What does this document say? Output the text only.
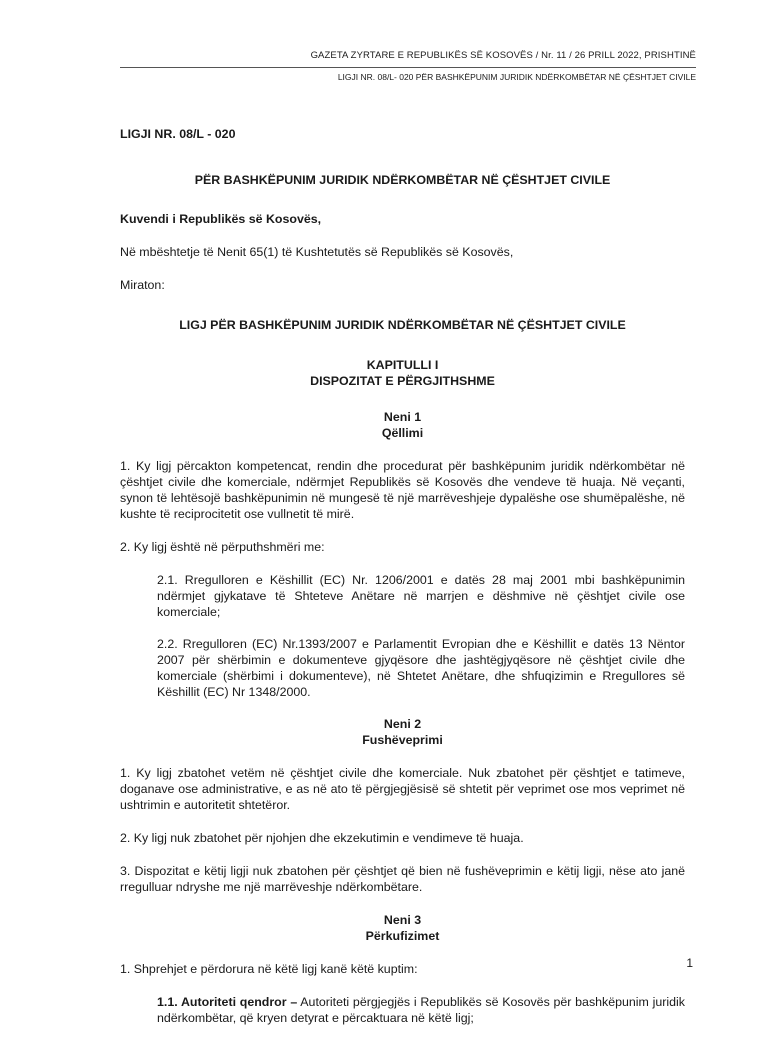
GAZETA ZYRTARE E REPUBLIKËS SË KOSOVËS / Nr. 11 / 26 PRILL 2022, PRISHTINË
LIGJI NR. 08/L- 020 PËR BASHKËPUNIM JURIDIK NDËRKOMBËTAR NË ÇËSHTJET CIVILE
LIGJI NR. 08/L - 020
PËR BASHKËPUNIM JURIDIK NDËRKOMBËTAR NË ÇËSHTJET CIVILE
Kuvendi i Republikës së Kosovës,
Në mbështetje të Nenit 65(1) të Kushtetutës së Republikës së Kosovës,
Miraton:
LIGJ PËR BASHKËPUNIM JURIDIK NDËRKOMBËTAR NË ÇËSHTJET CIVILE
KAPITULLI I
DISPOZITAT E PËRGJITHSHME
Neni 1
Qëllimi
1. Ky ligj përcakton kompetencat, rendin dhe procedurat për bashkëpunim juridik ndërkombëtar në çështjet civile dhe komerciale, ndërmjet Republikës së Kosovës dhe vendeve të huaja. Në veçanti, synon të lehtësojë bashkëpunimin në mungesë të një marrëveshjeje dypalëshe ose shumëpalëshe, në kushte të reciprocitetit ose vullnetit të mirë.
2. Ky ligj është në përputhshmëri me:
2.1. Rregulloren e Këshillit (EC) Nr. 1206/2001 e datës 28 maj 2001 mbi bashkëpunimin ndërmjet gjykatave të Shteteve Anëtare në marrjen e dëshmive në çështjet civile ose komerciale;
2.2. Rregulloren (EC) Nr.1393/2007 e Parlamentit Evropian dhe e Këshillit e datës 13 Nëntor 2007 për shërbimin e dokumenteve gjyqësore dhe jashtëgjyqësore në çështjet civile dhe komerciale (shërbimi i dokumenteve), në Shtetet Anëtare, dhe shfuqizimin e Rregullores së Këshillit (EC) Nr 1348/2000.
Neni 2
Fushëveprimi
1. Ky ligj zbatohet vetëm në çështjet civile dhe komerciale. Nuk zbatohet për çështjet e tatimeve, doganave ose administrative, e as në ato të përgjegjësisë së shtetit për veprimet ose mos veprimet në ushtrimin e autoritetit shtetëror.
2. Ky ligj nuk zbatohet për njohjen dhe ekzekutimin e vendimeve të huaja.
3. Dispozitat e këtij ligji nuk zbatohen për çështjet që bien në fushëveprimin e këtij ligji, nëse ato janë rregulluar ndryshe me një marrëveshje ndërkombëtare.
Neni 3
Përkufizimet
1. Shprehjet e përdorura në këtë ligj kanë këtë kuptim:
1.1. Autoriteti qendror – Autoriteti përgjegjës i Republikës së Kosovës për bashkëpunim juridik ndërkombëtar, që kryen detyrat e përcaktuara në këtë ligj;
1
